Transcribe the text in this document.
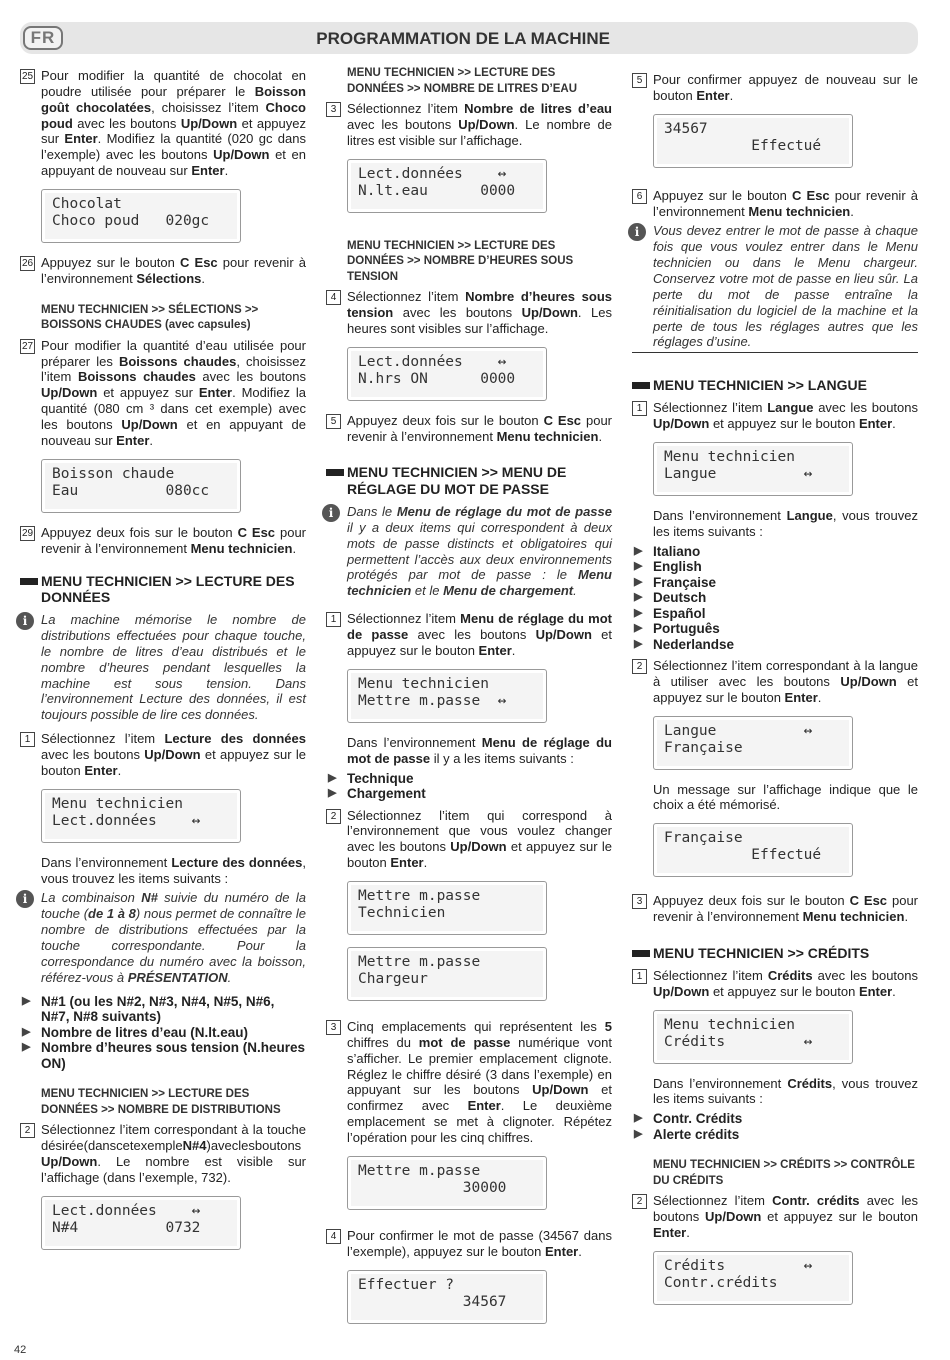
FR	PROGRAMMATION DE LA MACHINE
25 Pour modifier la quantité de chocolat en poudre utilisée pour préparer le Boisson goût chocolatées, choisissez l’item Choco poud avec les boutons Up/Down et appuyez sur Enter. Modifiez la quantité (020 gc dans l’exemple) avec les boutons Up/Down et en appuyant de nouveau sur Enter.
Chocolat
Choco poud   020gc
26 Appuyez sur le bouton C Esc pour revenir à l’environnement Sélections.
MENU TECHNICIEN >> SÉLECTIONS >> BOISSONS CHAUDES (avec capsules)
27 Pour modifier la quantité d’eau utilisée pour préparer les Boissons chaudes, choisissez l’item Boissons chaudes avec les boutons Up/Down et appuyez sur Enter. Modifiez la quantité (080 cm ³ dans cet exemple) avec les boutons Up/Down et en appuyant de nouveau sur Enter.
Boisson chaude
Eau          080cc
29 Appuyez deux fois sur le bouton C Esc pour revenir à l’environnement Menu technicien.
MENU TECHNICIEN >> LECTURE DES DONNÉES
i	La machine mémorise le nombre de distributions effectuées pour chaque touche, le nombre de litres d’eau distribués et le nombre d’heures pendant lesquelles la machine est sous tension. Dans l’environnement Lecture des données, il est toujours possible de lire ces données.
1 Sélectionnez l’item Lecture des données avec les boutons Up/Down et appuyez sur le bouton Enter.
Menu technicien
Lect.données    ↔
Dans l’environnement Lecture des données, vous trouvez les items suivants :
i	La combinaison N# suivie du numéro de la touche (de 1 à 8) nous permet de connaître le nombre de distributions effectuées par la touche correspondante. Pour la correspondance du numéro avec la boisson, référez-vous à PRÉSENTATION.
▶ N#1 (ou les N#2, N#3, N#4, N#5, N#6, N#7, N#8 suivants)
▶ Nombre de litres d’eau (N.lt.eau)
▶ Nombre d’heures sous tension (N.heures ON)
MENU TECHNICIEN >> LECTURE DES DONNÉES >> NOMBRE DE DISTRIBUTIONS
2 Sélectionnez l’item correspondant à la touche désirée(danscetexempleN#4)aveclesboutons Up/Down. Le nombre est visible sur l’affichage (dans l’exemple, 732).
Lect.données    ↔
N#4          0732
MENU TECHNICIEN >> LECTURE DES DONNÉES >> NOMBRE DE LITRES D’EAU
3 Sélectionnez l’item Nombre de litres d’eau avec les boutons Up/Down. Le nombre de litres est visible sur l’affichage.
Lect.données    ↔
N.lt.eau      0000
MENU TECHNICIEN >> LECTURE DES DONNÉES >> NOMBRE D’HEURES SOUS TENSION
4 Sélectionnez l’item Nombre d’heures sous tension avec les boutons Up/Down. Les heures sont visibles sur l’affichage.
Lect.données    ↔
N.hrs ON      0000
5 Appuyez deux fois sur le bouton C Esc pour revenir à l’environnement Menu technicien.
MENU TECHNICIEN >> MENU DE RÉGLAGE DU MOT DE PASSE
i	Dans le Menu de réglage du mot de passe il y a deux items qui correspondent à deux mots de passe distincts et obligatoires qui permettent l’accès aux deux environnements protégés par mot de passe : le Menu technicien et le Menu de chargement.
1 Sélectionnez l’item Menu de réglage du mot de passe avec les boutons Up/Down et appuyez sur le bouton Enter.
Menu technicien
Mettre m.passe  ↔
Dans l’environnement Menu de réglage du mot de passe il y a les items suivants :
▶ Technique
▶ Chargement
2 Sélectionnez l’item qui correspond à l’environnement que vous voulez changer avec les boutons Up/Down et appuyez sur le bouton Enter.
Mettre m.passe
Technicien
Mettre m.passe
Chargeur
3 Cinq emplacements qui représentent les 5 chiffres du mot de passe numérique vont s’afficher. Le premier emplacement clignote. Réglez le chiffre désiré (3 dans l’exemple) en appuyant sur les boutons Up/Down et confirmez avec Enter. Le deuxième emplacement se met à clignoter. Répétez l’opération pour les cinq chiffres.
Mettre m.passe
30000
4 Pour confirmer le mot de passe (34567 dans l’exemple), appuyez sur le bouton Enter.
Effectuer ?
34567
5 Pour confirmer appuyez de nouveau sur le bouton Enter.
34567
Effectué
6 Appuyez sur le bouton C Esc pour revenir à l’environnement Menu technicien.
i	Vous devez entrer le mot de passe à chaque fois que vous voulez entrer dans le Menu technicien ou dans le Menu chargeur. Conservez votre mot de passe en lieu sûr. La perte du mot de passe entraîne la réinitialisation du logiciel de la machine et la perte de tous les réglages autres que les réglages d’usine.
MENU TECHNICIEN >> LANGUE
1 Sélectionnez l’item Langue avec les boutons Up/Down et appuyez sur le bouton Enter.
Menu technicien
Langue          ↔
Dans l’environnement Langue, vous trouvez les items suivants :
▶ Italiano
▶ English
▶ Française
▶ Deutsch
▶ Español
▶ Português
▶ Nederlandse
2 Sélectionnez l’item correspondant à la langue à utiliser avec les boutons Up/Down et appuyez sur le bouton Enter.
Langue          ↔
Française
Un message sur l’affichage indique que le choix a été mémorisé.
Française
Effectué
3 Appuyez deux fois sur le bouton C Esc pour revenir à l’environnement Menu technicien.
MENU TECHNICIEN >> CRÉDITS
1 Sélectionnez l’item Crédits avec les boutons Up/Down et appuyez sur le bouton Enter.
Menu technicien
Crédits         ↔
Dans l’environnement Crédits, vous trouvez les items suivants :
▶ Contr. Crédits
▶ Alerte crédits
MENU TECHNICIEN >> CRÉDITS >> CONTRÔLE DU CRÉDITS
2 Sélectionnez l’item Contr. crédits avec les boutons Up/Down et appuyez sur le bouton Enter.
Crédits         ↔
Contr.crédits
42
